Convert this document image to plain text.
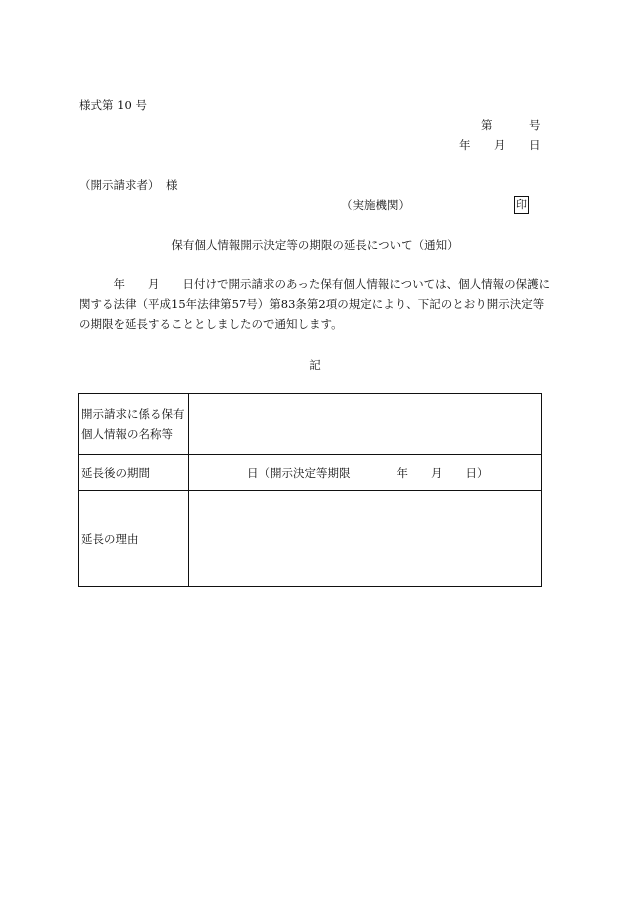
様式第 10 号
第	号
年 月 日
（開示請求者） 様
（実施機関）	印
保有個人情報開示決定等の期限の延長について（通知）
　　　年　　月　　日付けで開示請求のあった保有個人情報については、個人情報の保護に関する法律（平成15年法律第57号）第83条第2項の規定により、下記のとおり開示決定等の期限を延長することとしましたので通知します。
記
開示請求に係る保有個人情報の名称等	
延長後の期間	日（開示決定等期限　　　　年　　月　　日）
延長の理由	
